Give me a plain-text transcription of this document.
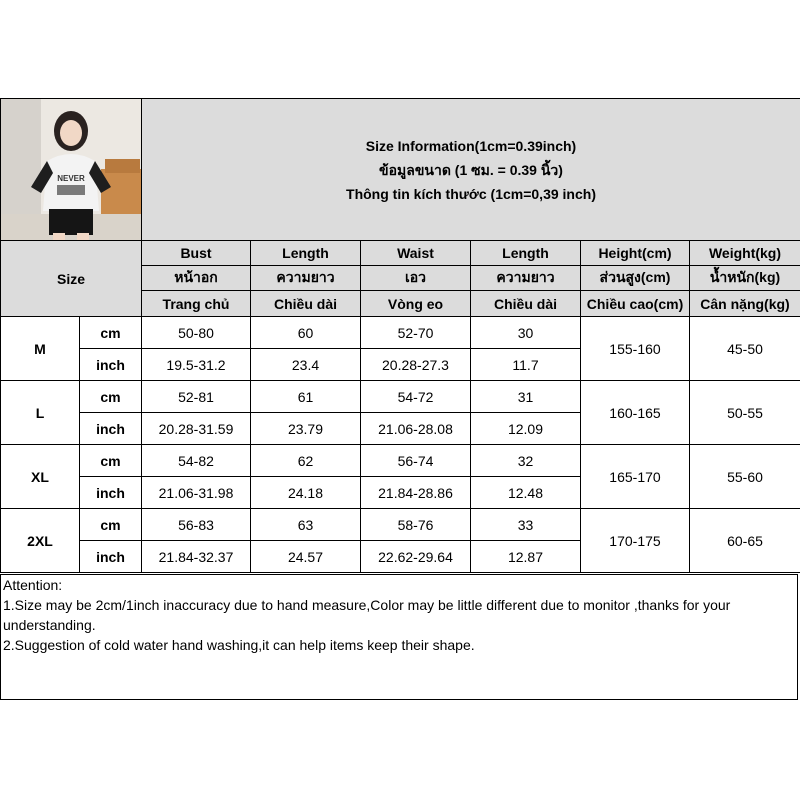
NEVER		Size Information(1cm=0.39inch)
ข้อมูลขนาด (1 ซม. = 0.39 นิ้ว)
Thông tin kích thước (1cm=0,39 inch)					

Size		Bust	Length	Waist	Length	Height(cm)	Weight(kg)
		หน้าอก	ความยาว	เอว	ความยาว	ส่วนสูง(cm)	น้ำหนัก(kg)
		Trang chủ	Chiều dài	Vòng eo	Chiều dài	Chiều cao(cm)	Cân nặng(kg)
M	cm	50-80	60	52-70	30	155-160	45-50
	inch	19.5-31.2	23.4	20.28-27.3	11.7		
L	cm	52-81	61	54-72	31	160-165	50-55
	inch	20.28-31.59	23.79	21.06-28.08	12.09		
XL	cm	54-82	62	56-74	32	165-170	55-60
	inch	21.06-31.98	24.18	21.84-28.86	12.48		
2XL	cm	56-83	63	58-76	33	170-175	60-65
	inch	21.84-32.37	24.57	22.62-29.64	12.87		
Attention:
1.Size may be 2cm/1inch inaccuracy due to hand measure,Color may be little different due to monitor ,thanks for your understanding.
2.Suggestion of cold water hand washing,it can help items keep their shape.
